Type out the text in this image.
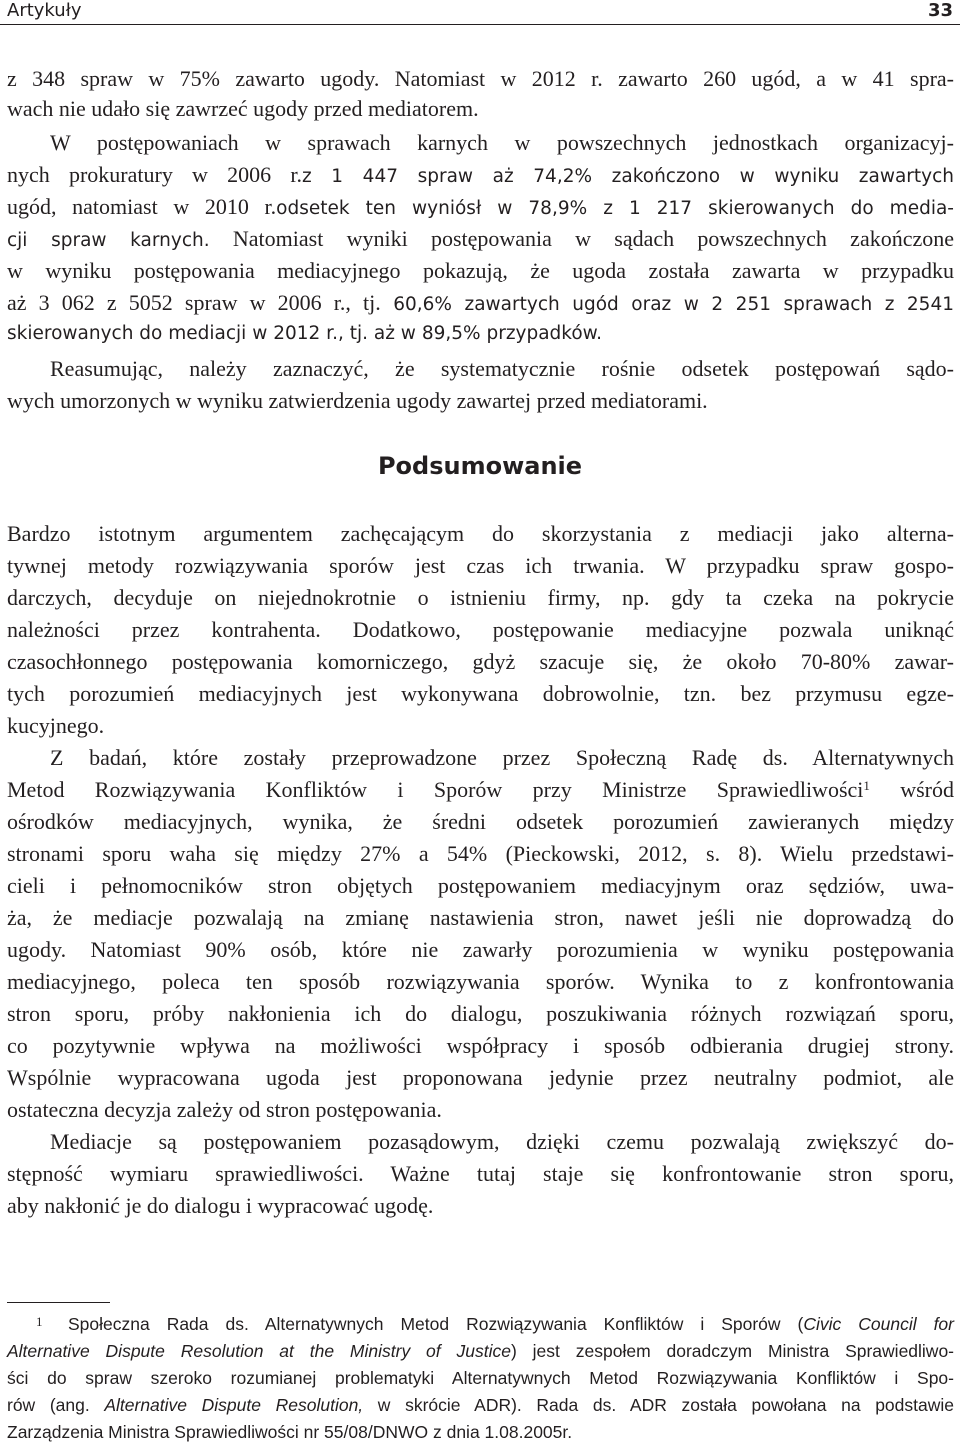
Artykuły	33
z 348 spraw w 75% zawarto ugody. Natomiast w 2012 r. zawarto 260 ugód, a w 41 spra-
wach nie udało się zawrzeć ugody przed mediatorem.
W postępowaniach w sprawach karnych w powszechnych jednostkach organizacyj-
nych prokuratury w 2006 r.z 1 447 spraw aż 74,2% zakończono w wyniku zawartych
ugód, natomiast w 2010 r.odsetek ten wyniósł w 78,9% z 1 217 skierowanych do media-
cji spraw karnych. Natomiast wyniki postępowania w sądach powszechnych zakończone
w wyniku postępowania mediacyjnego pokazują, że ugoda została zawarta w przypadku
aż 3 062 z 5052 spraw w 2006 r., tj. 60,6% zawartych ugód oraz w 2 251 sprawach z 2541
skierowanych do mediacji w 2012 r., tj. aż w 89,5% przypadków.
Reasumując, należy zaznaczyć, że systematycznie rośnie odsetek postępowań sądo-
wych umorzonych w wyniku zatwierdzenia ugody zawartej przed mediatorami.
Podsumowanie
Bardzo istotnym argumentem zachęcającym do skorzystania z mediacji jako alterna-
tywnej metody rozwiązywania sporów jest czas ich trwania. W przypadku spraw gospo-
darczych, decyduje on niejednokrotnie o istnieniu firmy, np. gdy ta czeka na pokrycie
należności przez kontrahenta. Dodatkowo, postępowanie mediacyjne pozwala uniknąć
czasochłonnego postępowania komorniczego, gdyż szacuje się, że około 70-80% zawar-
tych porozumień mediacyjnych jest wykonywana dobrowolnie, tzn. bez przymusu egze-
kucyjnego.
Z badań, które zostały przeprowadzone przez Społeczną Radę ds. Alternatywnych
Metod Rozwiązywania Konfliktów i Sporów przy Ministrze Sprawiedliwości$^1$ wśród
ośrodków mediacyjnych, wynika, że średni odsetek porozumień zawieranych między
stronami sporu waha się między 27% a 54% (Pieckowski, 2012, s. 8). Wielu przedstawi-
cieli i pełnomocników stron objętych postępowaniem mediacyjnym oraz sędziów, uwa-
ża, że mediacje pozwalają na zmianę nastawienia stron, nawet jeśli nie doprowadzą do
ugody. Natomiast 90% osób, które nie zawarły porozumienia w wyniku postępowania
mediacyjnego, poleca ten sposób rozwiązywania sporów. Wynika to z konfrontowania
stron sporu, próby nakłonienia ich do dialogu, poszukiwania różnych rozwiązań sporu,
co pozytywnie wpływa na możliwości współpracy i sposób odbierania drugiej strony.
Wspólnie wypracowana ugoda jest proponowana jedynie przez neutralny podmiot, ale
ostateczna decyzja zależy od stron postępowania.
Mediacje są postępowaniem pozasądowym, dzięki czemu pozwalają zwiększyć do-
stępność wymiaru sprawiedliwości. Ważne tutaj staje się konfrontowanie stron sporu,
aby nakłonić je do dialogu i wypracować ugodę.
1 Społeczna Rada ds. Alternatywnych Metod Rozwiązywania Konfliktów i Sporów (Civic Council for
Alternative Dispute Resolution at the Ministry of Justice) jest zespołem doradczym Ministra Sprawiedliwo-
ści do spraw szeroko rozumianej problematyki Alternatywnych Metod Rozwiązywania Konfliktów i Spo-
rów (ang. Alternative Dispute Resolution, w skrócie ADR). Rada ds. ADR została powołana na podstawie
Zarządzenia Ministra Sprawiedliwości nr 55/08/DNWO z dnia 1.08.2005r.
